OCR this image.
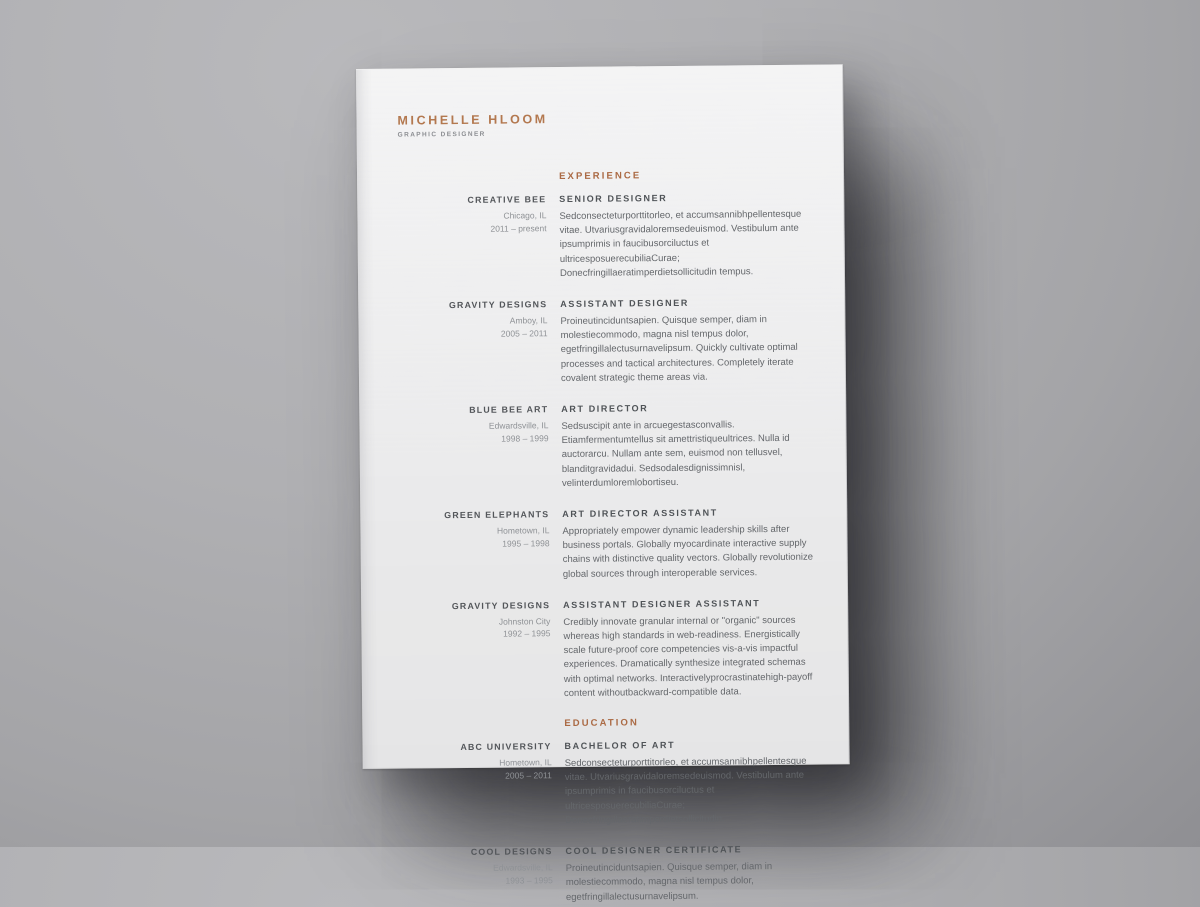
MICHELLE HLOOM
GRAPHIC DESIGNER
EXPERIENCE
CREATIVE BEE
Chicago, IL
2011 – present
SENIOR DESIGNER
Sedconsecteturporttitorleo, et accumsannibhpellentesque vitae. Utvariusgravidaloremsedeuismod. Vestibulum ante ipsumprimis in faucibusorciluctus et ultricesposuerecubiliaCurae; Donecfringillaeratimperdietsollicitudin tempus.
GRAVITY DESIGNS
Amboy, IL
2005 – 2011
ASSISTANT DESIGNER
Proineutinciduntsapien. Quisque semper, diam in molestiecommodo, magna nisl tempus dolor, egetfringillalectusurnavelipsum. Quickly cultivate optimal processes and tactical architectures. Completely iterate covalent strategic theme areas via.
BLUE BEE ART
Edwardsville, IL
1998 – 1999
ART DIRECTOR
Sedsuscipit ante in arcuegestasconvallis. Etiamfermentumtellus sit amettristiqueultrices. Nulla id auctorarcu. Nullam ante sem, euismod non tellusvel, blanditgravidadui. Sedsodalesdignissimnisl, velinterdumloremlobortiseu.
GREEN ELEPHANTS
Hometown, IL
1995 – 1998
ART DIRECTOR ASSISTANT
Appropriately empower dynamic leadership skills after business portals. Globally myocardinate interactive supply chains with distinctive quality vectors. Globally revolutionize global sources through interoperable services.
GRAVITY DESIGNS
Johnston City
1992 – 1995
ASSISTANT DESIGNER ASSISTANT
Credibly innovate granular internal or "organic" sources whereas high standards in web-readiness. Energistically scale future-proof core competencies vis-a-vis impactful experiences. Dramatically synthesize integrated schemas with optimal networks. Interactivelyprocrastinatehigh-payoff content withoutbackward-compatible data.
EDUCATION
ABC UNIVERSITY
Hometown, IL
2005 – 2011
BACHELOR OF ART
Sedconsecteturporttitorleo, et accumsannibhpellentesque vitae. Utvariusgravidaloremsedeuismod. Vestibulum ante ipsumprimis in faucibusorciluctus et ultricesposuerecubiliaCurae; Donecfringillaeratimperdietsollicitudin.
COOL DESIGNS
Edwardsville, IL
1993 – 1995
COOL DESIGNER CERTIFICATE
Proineutinciduntsapien. Quisque semper, diam in molestiecommodo, magna nisl tempus dolor, egetfringillalectusurnavelipsum.
